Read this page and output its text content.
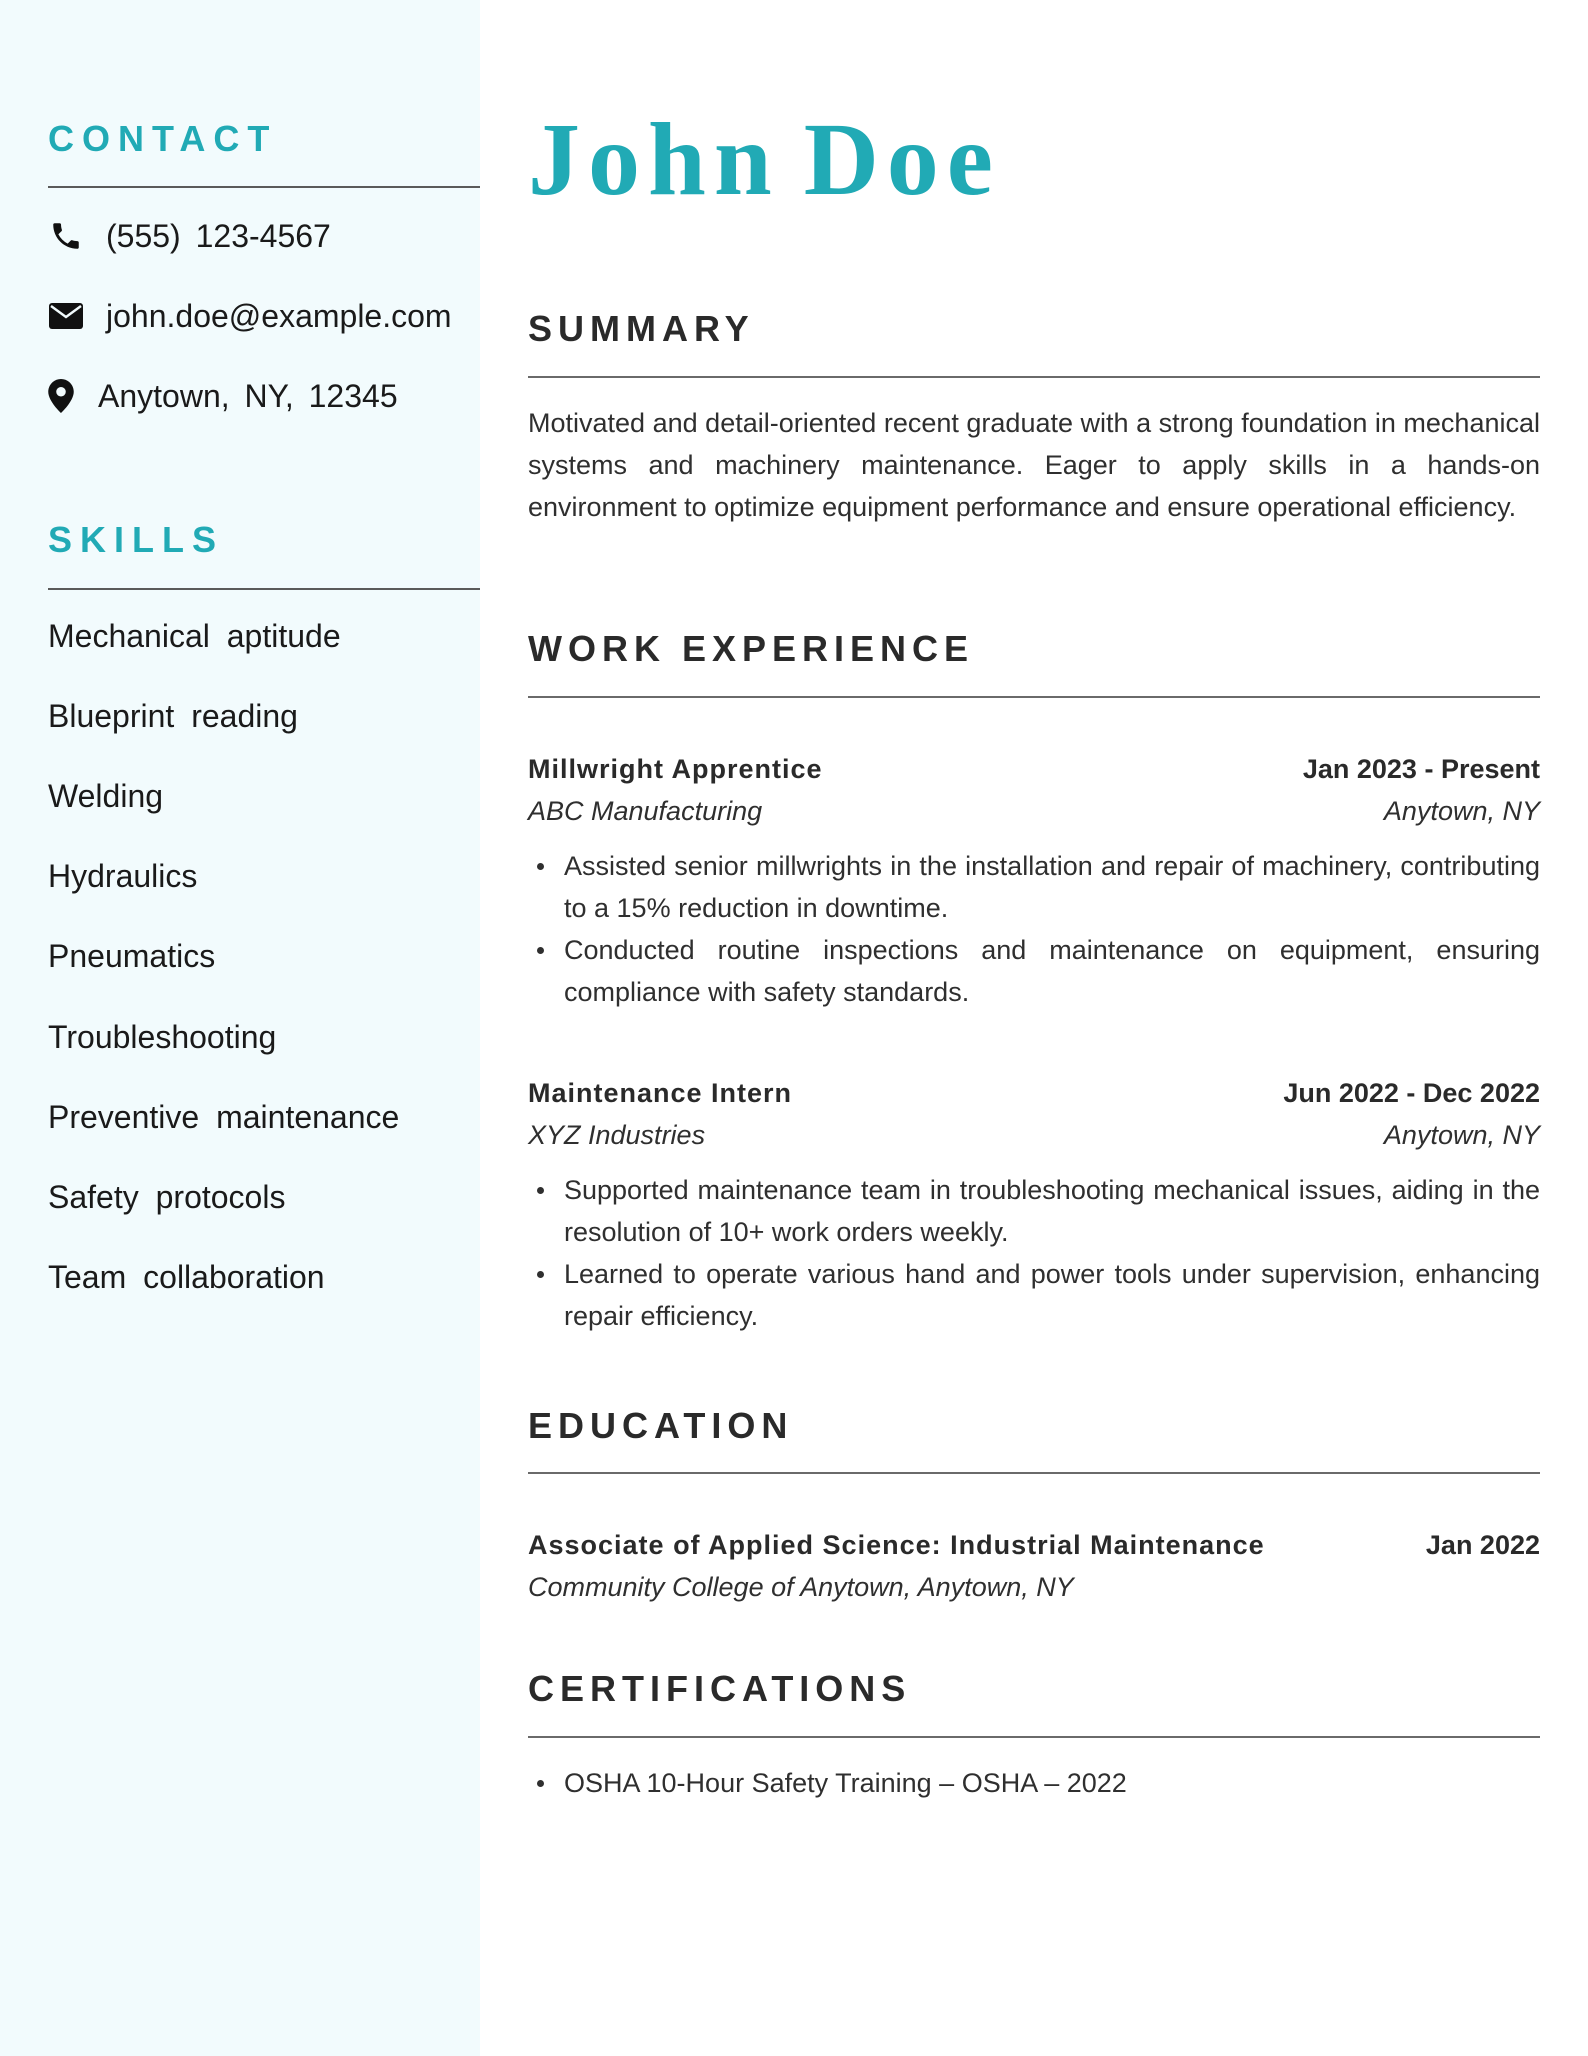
CONTACT
(555) 123-4567
john.doe@example.com
Anytown, NY, 12345
SKILLS
Mechanical aptitude
Blueprint reading
Welding
Hydraulics
Pneumatics
Troubleshooting
Preventive maintenance
Safety protocols
Team collaboration
John Doe
SUMMARY

Motivated and detail-oriented recent graduate with a strong foundation in mechanical systems and machinery maintenance. Eager to apply skills in a hands-on environment to optimize equipment performance and ensure operational efficiency.

WORK EXPERIENCE
Millwright Apprentice	Jan 2023 - Present
ABC Manufacturing	Anytown, NY
Assisted senior millwrights in the installation and repair of machinery, contributing to a 15% reduction in downtime.
Conducted routine inspections and maintenance on equipment, ensuring compliance with safety standards.
Maintenance Intern	Jun 2022 - Dec 2022
XYZ Industries	Anytown, NY
Supported maintenance team in troubleshooting mechanical issues, aiding in the resolution of 10+ work orders weekly.
Learned to operate various hand and power tools under supervision, enhancing repair efficiency.
EDUCATION
Associate of Applied Science: Industrial Maintenance	Jan 2022
Community College of Anytown, Anytown, NY
CERTIFICATIONS
OSHA 10-Hour Safety Training – OSHA – 2022
